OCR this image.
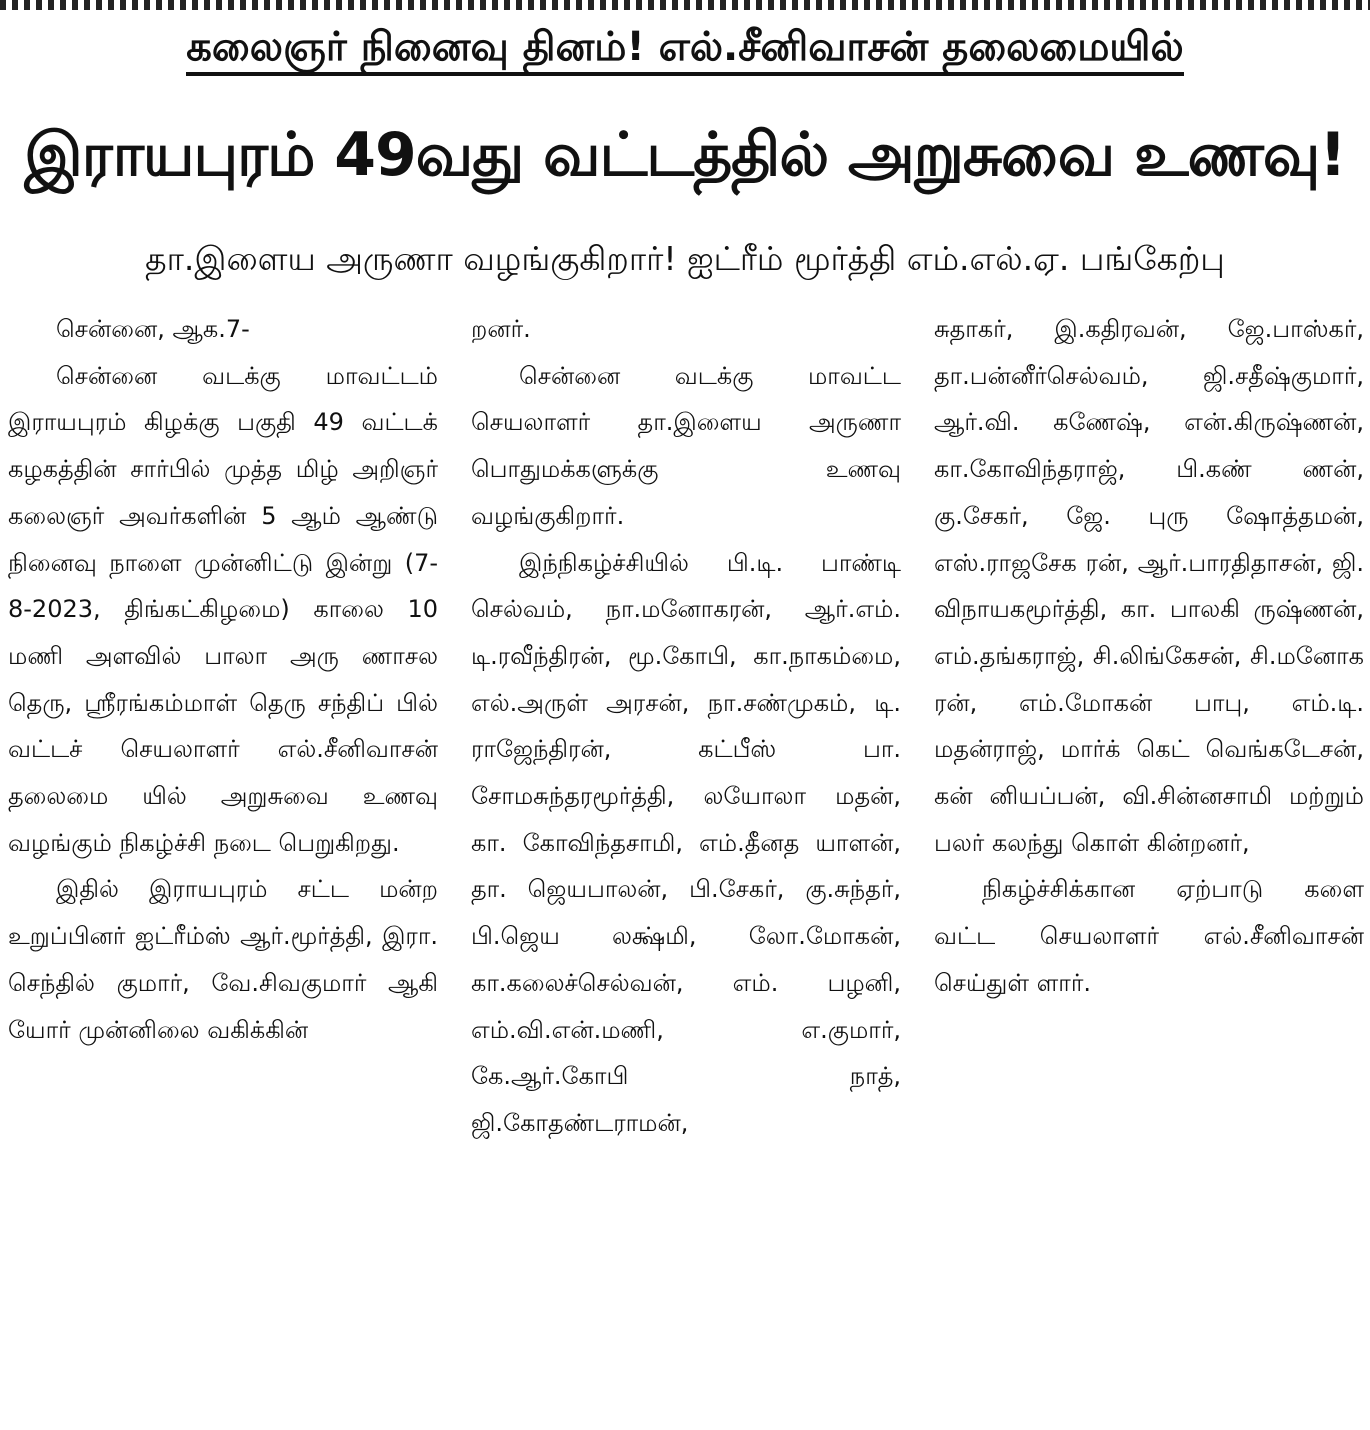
கலைஞர் நினைவு தினம்! எல்.சீனிவாசன் தலைமையில்
இராயபுரம் 49வது வட்டத்தில் அறுசுவை உணவு!
தா.இளைய அருணா வழங்குகிறார்! ஐட்ரீம் மூர்த்தி எம்.எல்.ஏ. பங்கேற்பு

சென்னை, ஆக.7-

சென்னை வடக்கு மாவட்டம் இராயபுரம் கிழக்கு பகுதி 49 வட்டக் கழகத்தின் சார்பில் முத்த மிழ் அறிஞர் கலைஞர் அவர்களின் 5 ஆம் ஆண்டு நினைவு நாளை முன்னிட்டு இன்று (7-8-2023, திங்கட்கிழமை) காலை 10 மணி அளவில் பாலா அரு ணாசல தெரு, ஸ்ரீரங்கம்மாள் தெரு சந்திப் பில் வட்டச் செயலாளர் எல்.சீனிவாசன் தலைமை யில் அறுசுவை உணவு வழங்கும் நிகழ்ச்சி நடை பெறுகிறது.

இதில் இராயபுரம் சட்ட மன்ற உறுப்பினர் ஐட்ரீம்ஸ் ஆர்.மூர்த்தி, இரா. செந்தில் குமார், வே.சிவகுமார் ஆகி யோர் முன்னிலை வகிக்கின்

றனர்.

சென்னை வடக்கு மாவட்ட செயலாளர் தா.இளைய அருணா பொதுமக்களுக்கு உணவு வழங்குகிறார்.

இந்நிகழ்ச்சியில் பி.டி. பாண்டி செல்வம், நா.மனோகரன், ஆர்.எம். டி.ரவீந்திரன், மூ.கோபி, கா.நாகம்மை, எல்.அருள் அரசன், நா.சண்முகம், டி. ராஜேந்திரன், கட்பீஸ் பா. சோமசுந்தரமூர்த்தி, லயோலா மதன், கா. கோவிந்தசாமி, எம்.தீனத யாளன், தா. ஜெயபாலன், பி.சேகர், கு.சுந்தர், பி.ஜெய லக்ஷ்மி, லோ.மோகன், கா.கலைச்செல்வன், எம். பழனி, எம்.வி.என்.மணி, எ.குமார், கே.ஆர்.கோபி நாத், ஜி.கோதண்டராமன்,

சுதாகர், இ.கதிரவன், ஜே.பாஸ்கர், தா.பன்னீர்செல்வம், ஜி.சதீஷ்குமார், ஆர்.வி. கணேஷ், என்.கிருஷ்ணன், கா.கோவிந்தராஜ், பி.கண் ணன், கு.சேகர், ஜே. புரு ஷோத்தமன், எஸ்.ராஜசேக ரன், ஆர்.பாரதிதாசன், ஜி. விநாயகமூர்த்தி, கா. பாலகி ருஷ்ணன், எம்.தங்கராஜ், சி.லிங்கேசன், சி.மனோக ரன், எம்.மோகன் பாபு, எம்.டி. மதன்ராஜ், மார்க் கெட் வெங்கடேசன், கன் னியப்பன், வி.சின்னசாமி மற்றும் பலர் கலந்து கொள் கின்றனர்,

நிகழ்ச்சிக்கான ஏற்பாடு களை வட்ட செயலாளர் எல்.சீனிவாசன் செய்துள் ளார்.
